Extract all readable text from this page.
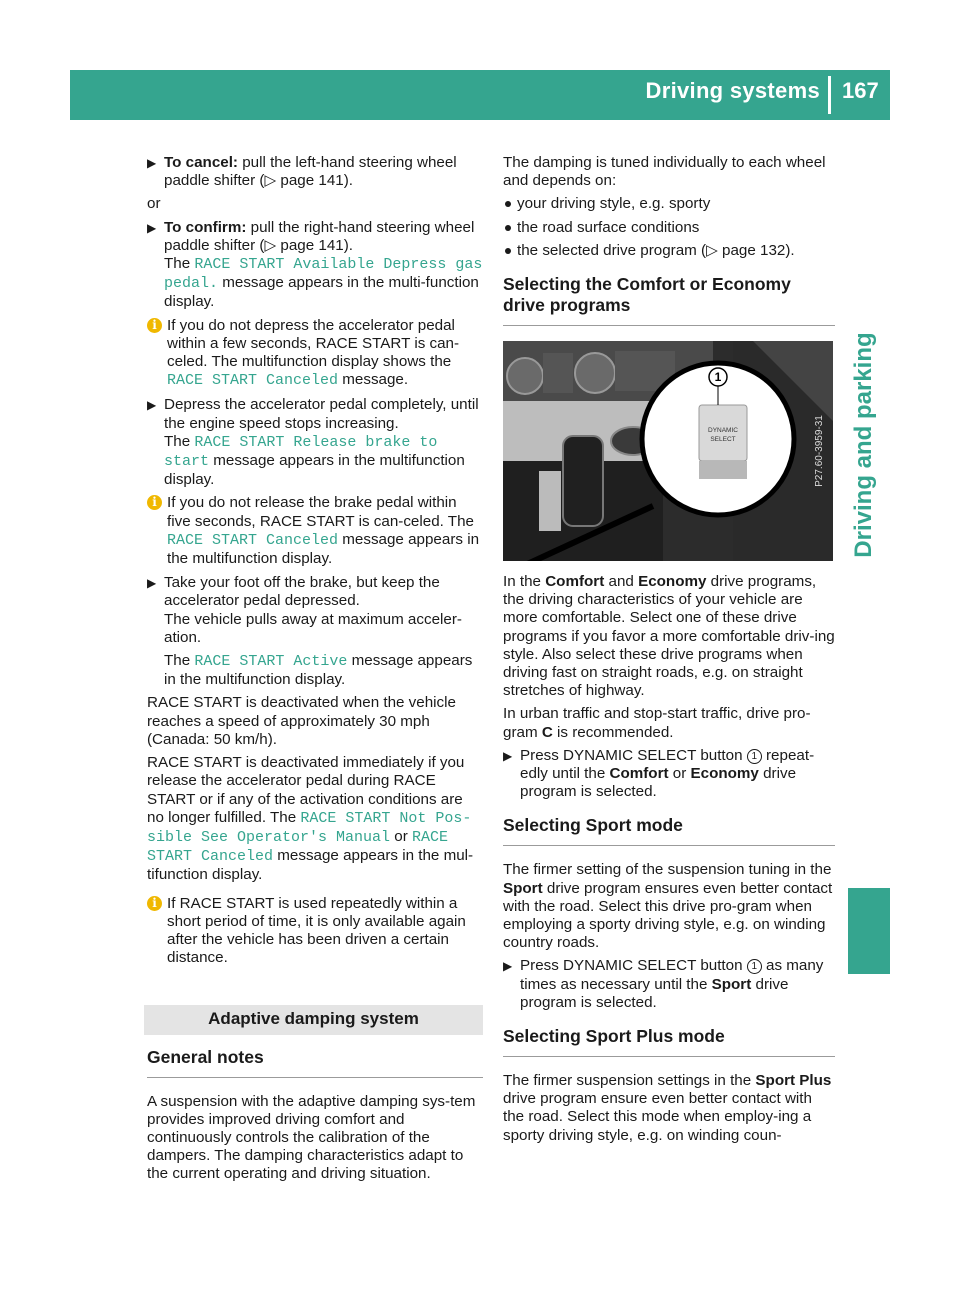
Driving systems 167
Driving and parking
▶ To cancel: pull the left-hand steering wheel paddle shifter (▷ page 141).

or

▶ To confirm: pull the right-hand steering wheel paddle shifter (▷ page 141).
The RACE START Available Depress gas pedal. message appears in the multi-function display.
i If you do not depress the accelerator pedal within a few seconds, RACE START is can-celed. The multifunction display shows the RACE START Canceled message.
▶ Depress the accelerator pedal completely, until the engine speed stops increasing.
The RACE START Release brake to start message appears in the multifunction display.
i If you do not release the brake pedal within five seconds, RACE START is can-celed. The RACE START Canceled message appears in the multifunction display.
▶ Take your foot off the brake, but keep the accelerator pedal depressed.
The vehicle pulls away at maximum acceler-ation.
The RACE START Active message appears in the multifunction display.

RACE START is deactivated when the vehicle reaches a speed of approximately 30 mph (Canada: 50 km/h).

RACE START is deactivated immediately if you release the accelerator pedal during RACE START or if any of the activation conditions are no longer fulfilled. The RACE START Not Pos-sible See Operator's Manual or RACE START Canceled message appears in the mul-tifunction display.

i If RACE START is used repeatedly within a short period of time, it is only available again after the vehicle has been driven a certain distance.
Adaptive damping system
General notes

A suspension with the adaptive damping sys-tem provides improved driving comfort and continuously controls the calibration of the dampers. The damping characteristics adapt to the current operating and driving situation.

The damping is tuned individually to each wheel and depends on:

your driving style, e.g. sporty
the road surface conditions
the selected drive program (▷ page 132).
Selecting the Comfort or Economy drive programs
1
DYNAMIC
SELECT	P27.60-3959-31

In the Comfort and Economy drive programs, the driving characteristics of your vehicle are more comfortable. Select one of these drive programs if you favor a more comfortable driv-ing style. Also select these drive programs when driving fast on straight roads, e.g. on straight stretches of highway.

In urban traffic and stop-start traffic, drive pro-gram C is recommended.

▶ Press DYNAMIC SELECT button 1 repeat-edly until the Comfort or Economy drive program is selected.
Selecting Sport mode

The firmer setting of the suspension tuning in the Sport drive program ensures even better contact with the road. Select this drive pro-gram when employing a sporty driving style, e.g. on winding country roads.

▶ Press DYNAMIC SELECT button 1 as many times as necessary until the Sport drive program is selected.
Selecting Sport Plus mode

The firmer suspension settings in the Sport Plus drive program ensure even better contact with the road. Select this mode when employ-ing a sporty driving style, e.g. on winding coun-
